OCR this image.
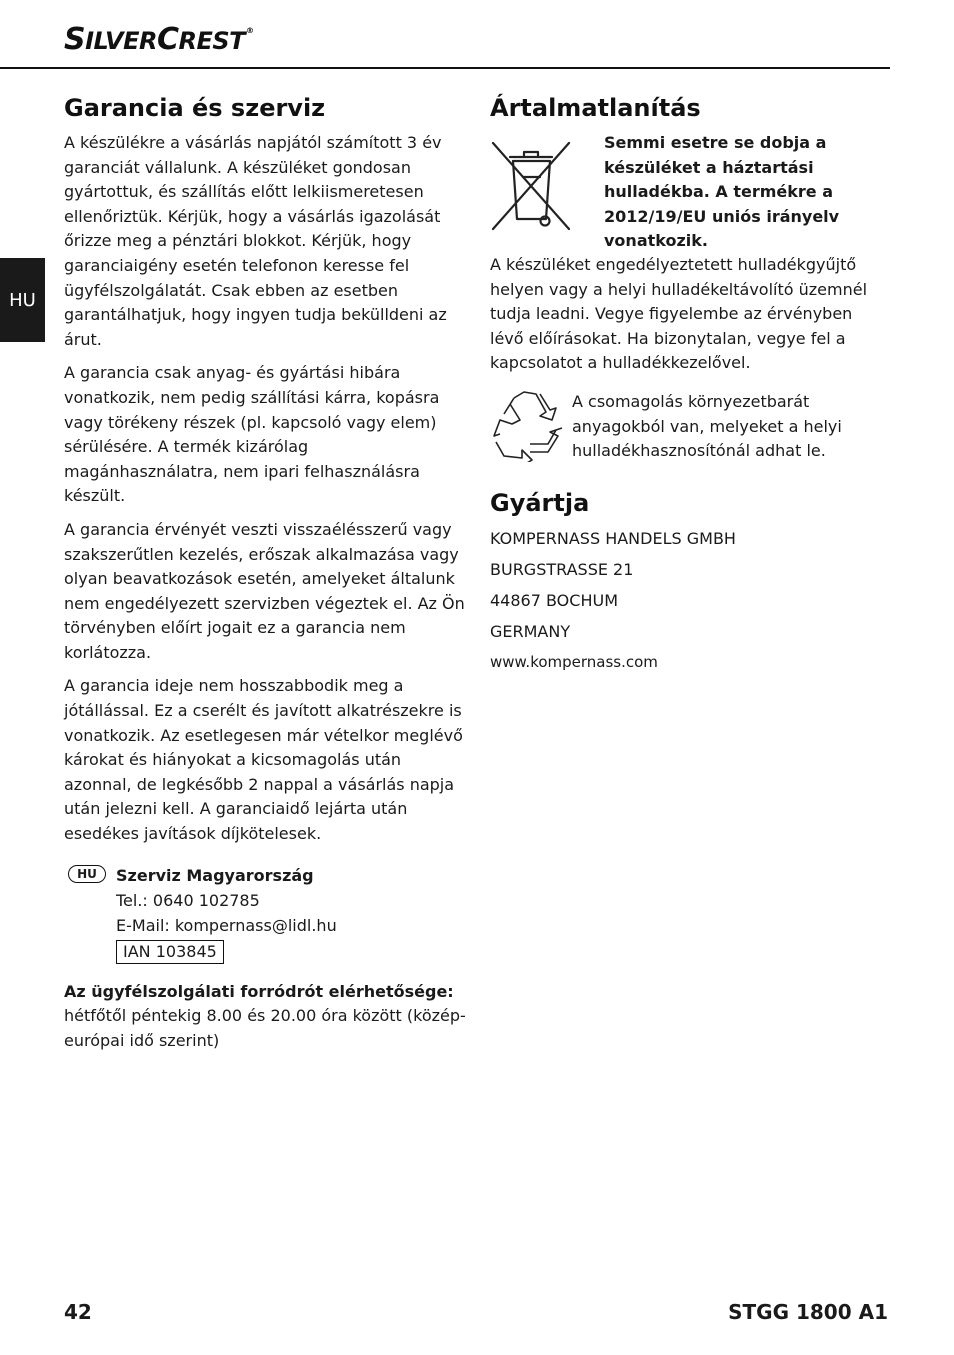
SILVERCREST®
HU
Garancia és szerviz

A készülékre a vásárlás napjától számított 3 év garanciát vállalunk. A készüléket gondosan gyártottuk, és szállítás előtt lelkiismeretesen ellenőriztük. Kérjük, hogy a vásárlás igazolását őrizze meg a pénztári blokkot. Kérjük, hogy garanciaigény esetén telefonon keresse fel ügyfélszolgálatát. Csak ebben az esetben garantálhatjuk, hogy ingyen tudja bekülldeni az árut.

A garancia csak anyag- és gyártási hibára vonatkozik, nem pedig szállítási kárra, kopásra vagy törékeny részek (pl. kapcsoló vagy elem) sérülésére. A termék kizárólag magánhasználatra, nem ipari felhasználásra készült.

A garancia érvényét veszti visszaélésszerű vagy szakszerűtlen kezelés, erőszak alkalmazása vagy olyan beavatkozások esetén, amelyeket általunk nem engedélyezett szervizben végeztek el. Az Ön törvényben előírt jogait ez a garancia nem korlátozza.

A garancia ideje nem hosszabbodik meg a jótállással. Ez a cserélt és javított alkatrészekre is vonatkozik. Az esetlegesen már vételkor meglévő károkat és hiányokat a kicsomagolás után azonnal, de legkésőbb 2 nappal a vásárlás napja után jelezni kell. A garanciaidő lejárta után esedékes javítások díjkötelesek.

HU	Szerviz Magyarország
Tel.: 0640 102785
E-Mail: kompernass@lidl.hu
IAN 103845
Az ügyfélszolgálati forródrót elérhetősége:
hétfőtől péntekig 8.00 és 20.00 óra között (közép-európai idő szerint)
Ártalmatlanítás
Semmi esetre se dobja a készüléket a háztartási hulladékba. A termékre a 2012/19/EU uniós irányelv vonatkozik.

A készüléket engedélyeztetett hulladékgyűjtő helyen vagy a helyi hulladékeltávolító üzemnél tudja leadni. Vegye figyelembe az érvényben lévő előírásokat. Ha bizonytalan, vegye fel a kapcsolatot a hulladékkezelővel.

A csomagolás környezetbarát anyagokból van, melyeket a helyi hulladékhasznosítónál adhat le.
Gyártja
KOMPERNASS HANDELS GMBH
BURGSTRASSE 21
44867 BOCHUM
GERMANY
www.kompernass.com
42	STGG 1800 A1
